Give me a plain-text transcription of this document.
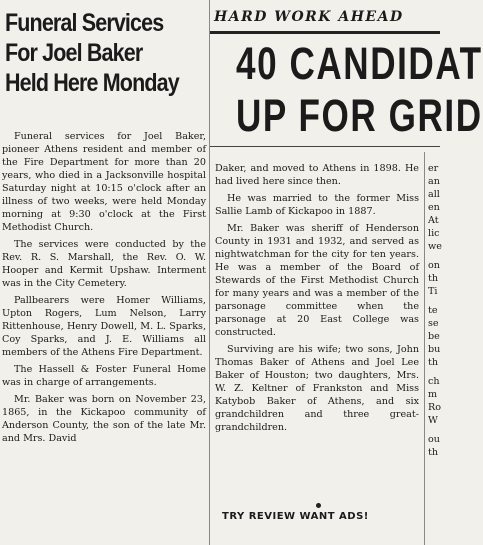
Funeral Services
For Joel Baker
Held Here Monday

Funeral services for Joel Baker, pioneer Athens resident and member of the Fire Department for more than 20 years, who died in a Jacksonville hospital Saturday night at 10:15 o'clock after an illness of two weeks, were held Monday morning at 9:30 o'clock at the First Methodist Church.

The services were conducted by the Rev. R. S. Marshall, the Rev. O. W. Hooper and Kermit Upshaw. Interment was in the City Cemetery.

Pallbearers were Homer Williams, Upton Rogers, Lum Nelson, Larry Rittenhouse, Henry Dowell, M. L. Sparks, Coy Sparks, and J. E. Williams all members of the Athens Fire Department.

The Hassell & Foster Funeral Home was in charge of arrangements.

Mr. Baker was born on November 23, 1865, in the Kickapoo community of Anderson County, the son of the late Mr. and Mrs. David

HARD WORK AHEAD
40 CANDIDAT
UP FOR GRID

Daker, and moved to Athens in 1898. He had lived here since then.

He was married to the former Miss Sallie Lamb of Kickapoo in 1887.

Mr. Baker was sheriff of Henderson County in 1931 and 1932, and served as nightwatchman for the city for ten years. He was a member of the Board of Stewards of the First Methodist Church for many years and was a member of the parsonage committee when the parsonage at 20 East College was constructed.

Surviving are his wife; two sons, John Thomas Baker of Athens and Joel Lee Baker of Houston; two daughters, Mrs. W. Z. Keltner of Frankston and Miss Katybob Baker of Athens, and six grandchildren and three great-grandchildren.

TRY REVIEW WANT ADS!
er
an
all
en
At
lic
we
on
th
Ti
te
se
be
bu
th
ch
m
Ro
W
ou
th
